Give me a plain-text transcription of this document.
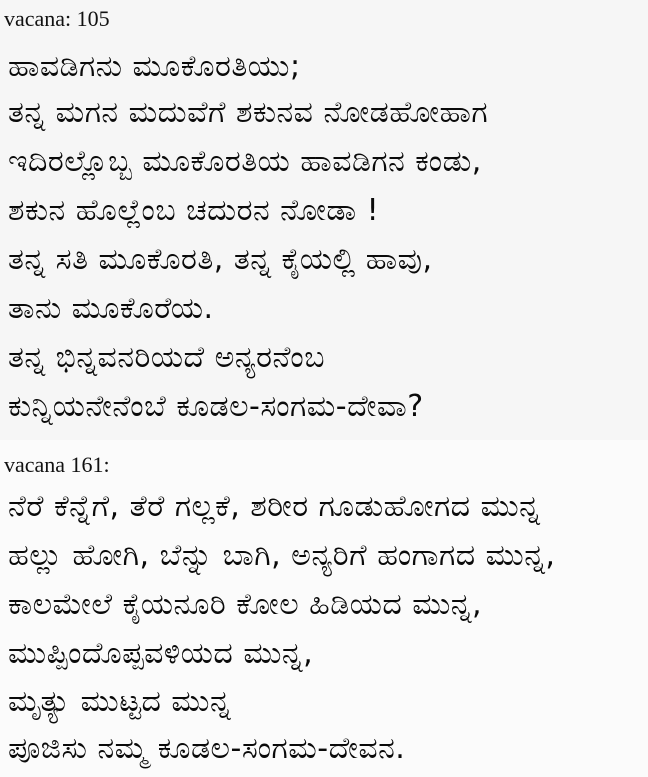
vacana: 105
ಹಾವಡಿಗನು ಮೂಕೊರತಿಯು;
ತನ್ನ ಮಗನ ಮದುವೆಗೆ ಶಕುನವ ನೋಡಹೋಹಾಗ
ಇದಿರಲ್ಲೊಬ್ಬ ಮೂಕೊರತಿಯ ಹಾವಡಿಗನ ಕಂಡು,
ಶಕುನ ಹೊಲ್ಲೆಂಬ ಚದುರನ ನೋಡಾ !
ತನ್ನ ಸತಿ ಮೂಕೊರತಿ, ತನ್ನ ಕೈಯಲ್ಲಿ ಹಾವು,
ತಾನು ಮೂಕೊರೆಯ.
ತನ್ನ ಭಿನ್ನವನರಿಯದೆ ಅನ್ಯರನೆಂಬ
ಕುನ್ನಿಯನೇನೆಂಬೆ ಕೂಡಲ-ಸಂಗಮ-ದೇವಾ?
vacana 161:
ನೆರೆ ಕೆನ್ನೆಗೆ, ತೆರೆ ಗಲ್ಲಕೆ, ಶರೀರ ಗೂಡುಹೋಗದ ಮುನ್ನ
ಹಲ್ಲು ಹೋಗಿ, ಬೆನ್ನು ಬಾಗಿ, ಅನ್ಯರಿಗೆ ಹಂಗಾಗದ ಮುನ್ನ,
ಕಾಲಮೇಲೆ ಕೈಯನೂರಿ ಕೋಲ ಹಿಡಿಯದ ಮುನ್ನ,
ಮುಪ್ಪಿಂದೊಪ್ಪವಳಿಯದ ಮುನ್ನ,
ಮೃತ್ಯು ಮುಟ್ಟದ ಮುನ್ನ
ಪೂಜಿಸು ನಮ್ಮ ಕೂಡಲ-ಸಂಗಮ-ದೇವನ.
